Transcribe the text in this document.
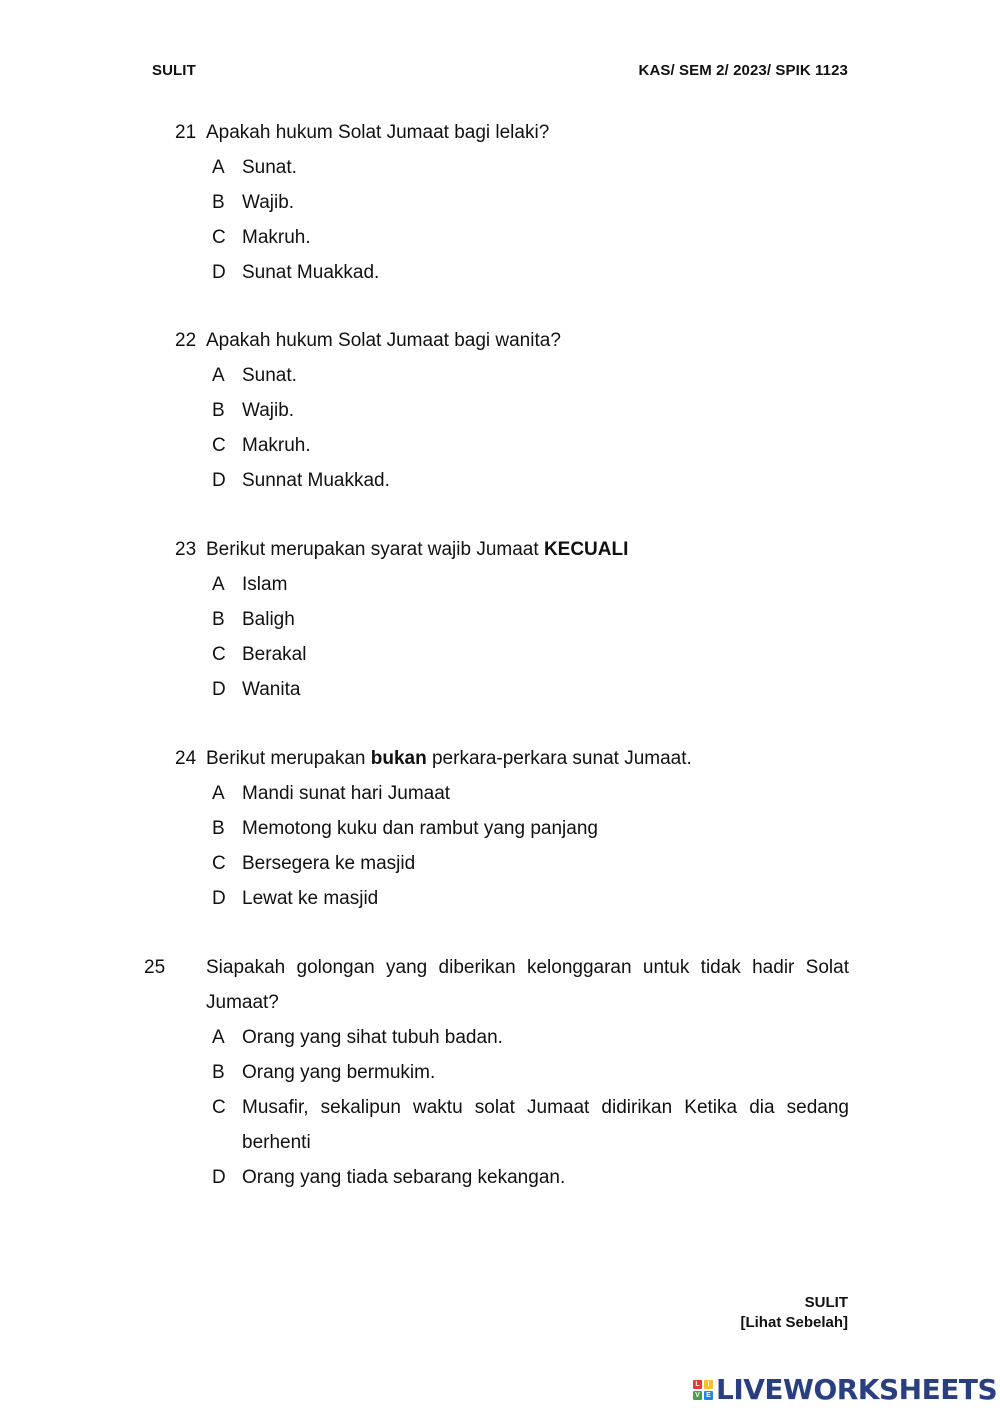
SULIT	KAS/ SEM 2/ 2023/ SPIK 1123
21 Apakah hukum Solat Jumaat bagi lelaki?
A Sunat.
B Wajib.
C Makruh.
D Sunat Muakkad.
22 Apakah hukum Solat Jumaat bagi wanita?
A Sunat.
B Wajib.
C Makruh.
D Sunnat Muakkad.
23 Berikut merupakan syarat wajib Jumaat KECUALI
A Islam
B Baligh
C Berakal
D Wanita
24 Berikut merupakan bukan perkara-perkara sunat Jumaat.
A Mandi sunat hari Jumaat
B Memotong kuku dan rambut yang panjang
C Bersegera ke masjid
D Lewat ke masjid
25 Siapakah golongan yang diberikan kelonggaran untuk tidak hadir Solat Jumaat?
A Orang yang sihat tubuh badan.
B Orang yang bermukim.
C Musafir, sekalipun waktu solat Jumaat didirikan Ketika dia sedang berhenti
D Orang yang tiada sebarang kekangan.
SULIT
[Lihat Sebelah]
L	I
V E LIVEWORKSHEETS
